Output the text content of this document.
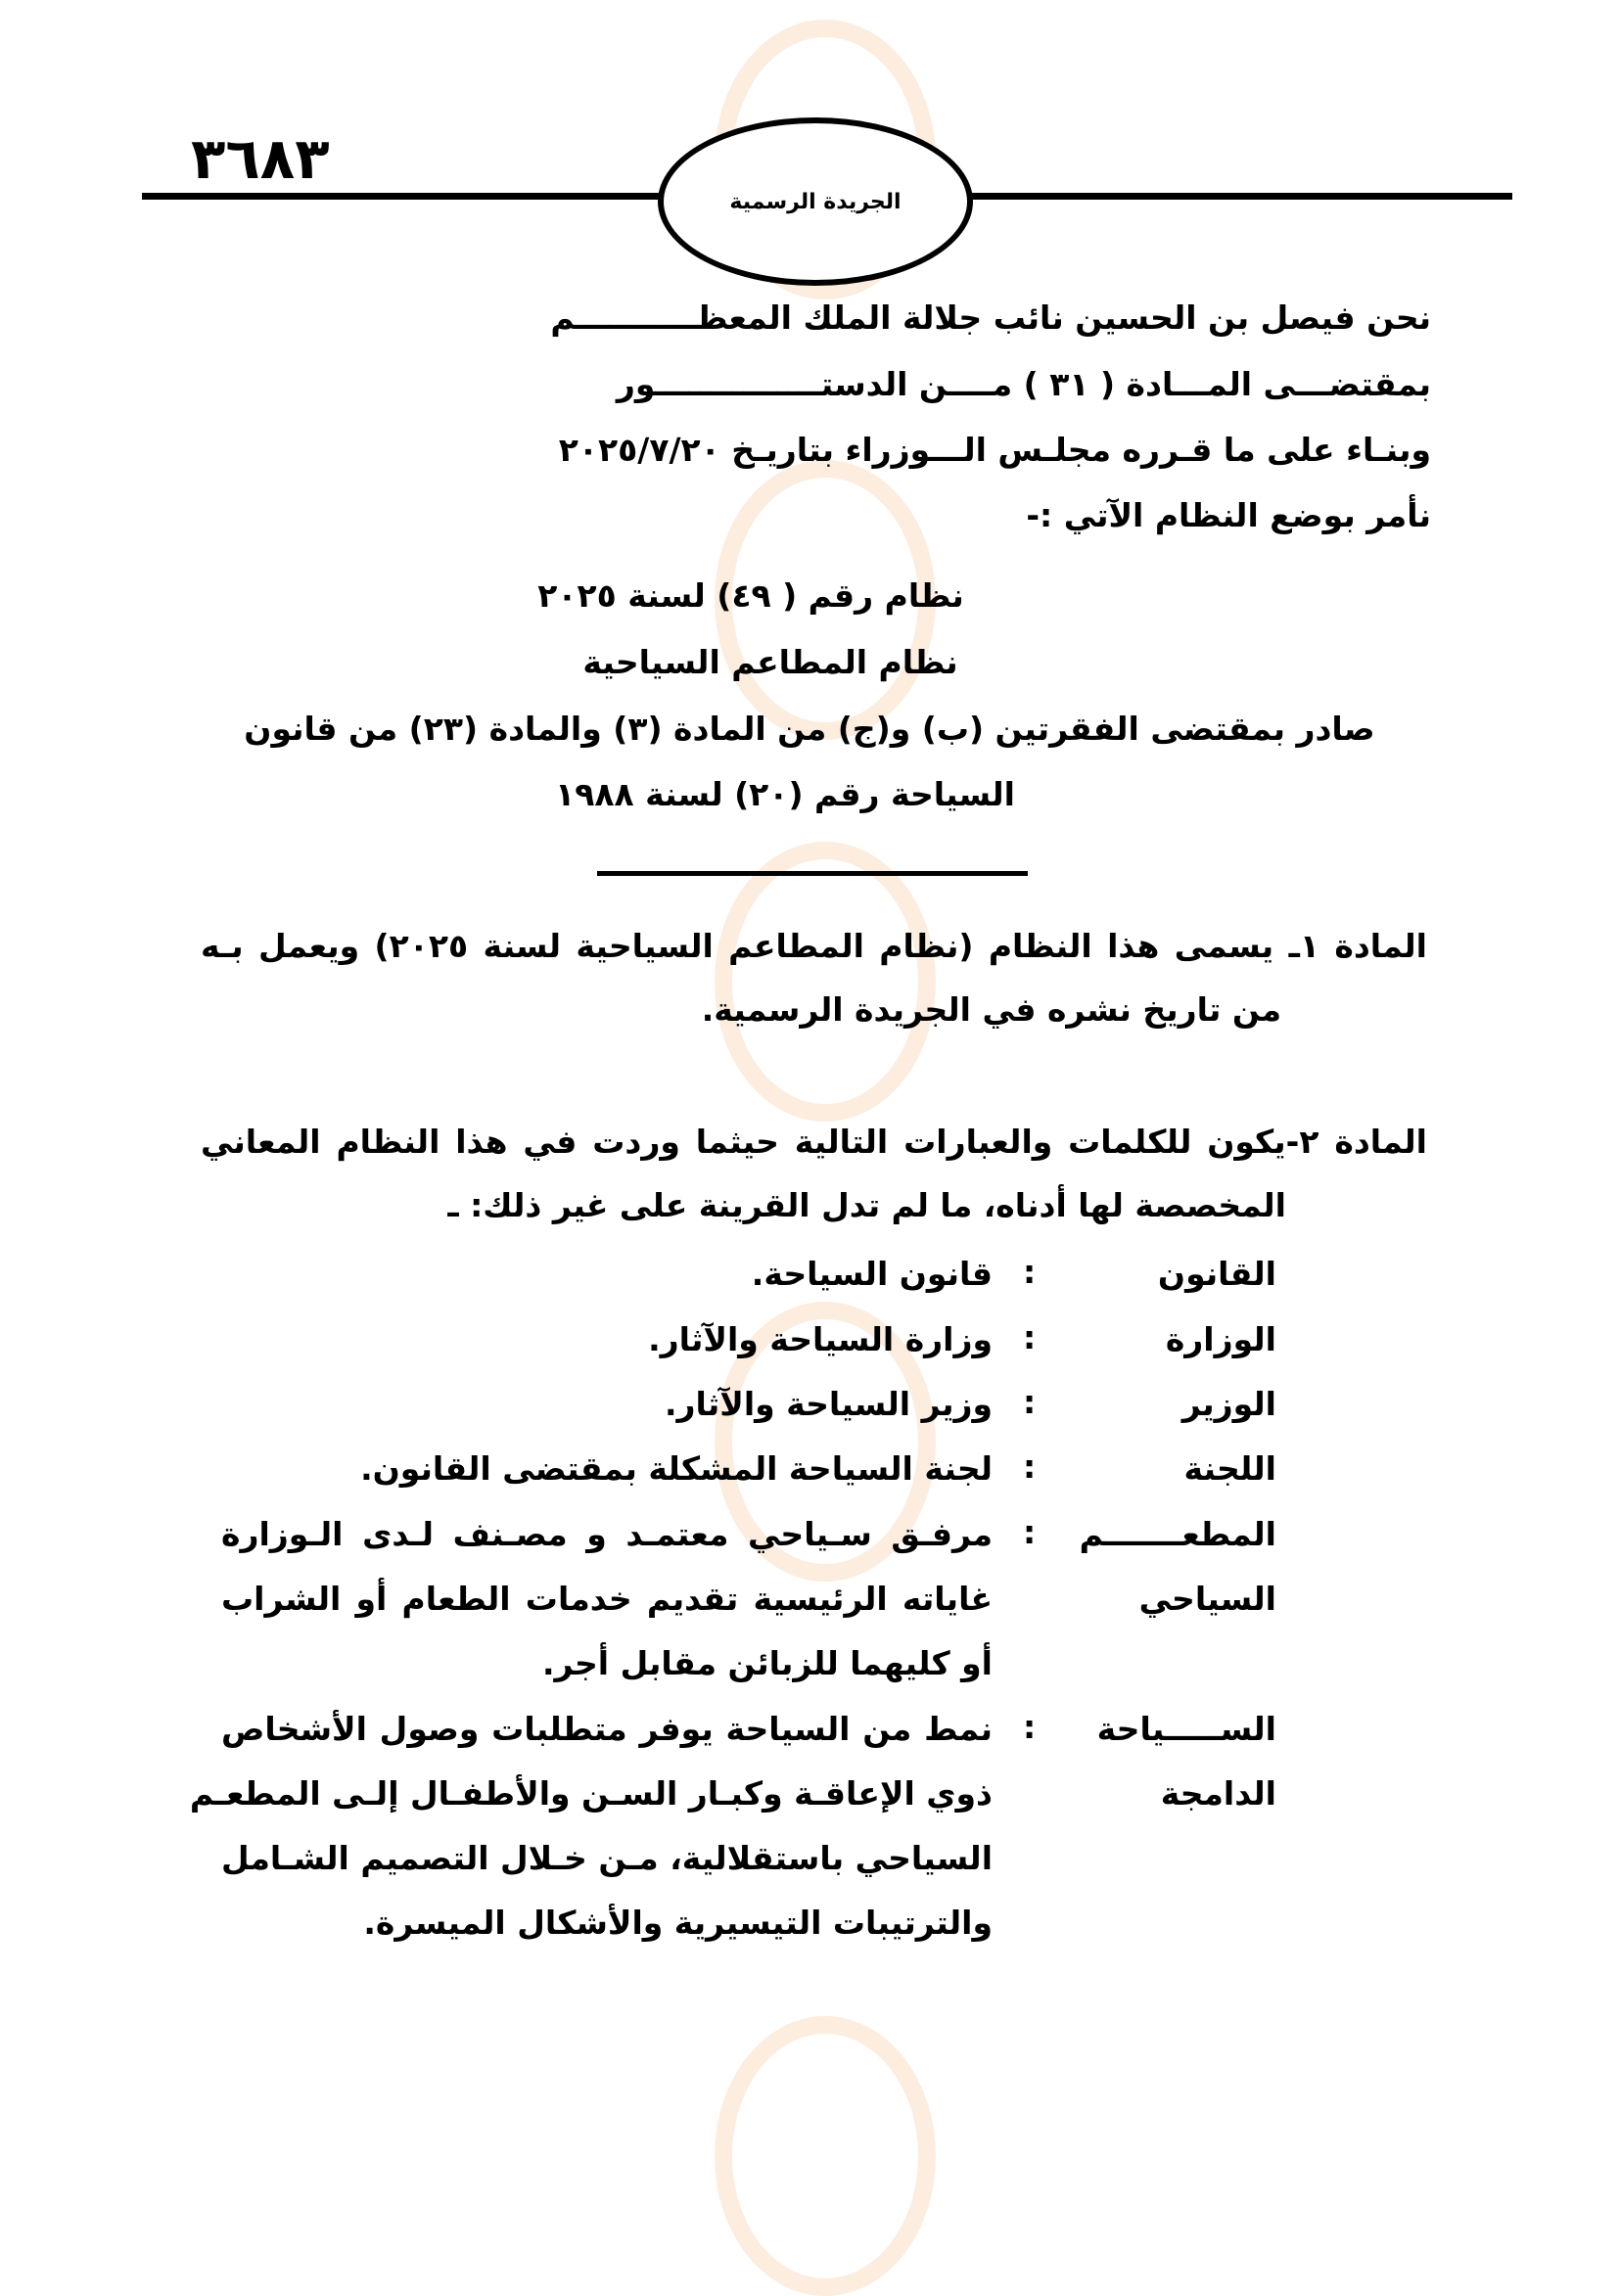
٣٦٨٣
الجريدة الرسمية
نحن فيصل بن الحسين نائب جلالة الملك المعظـــــــــــم
بمقتضـــى المـــادة ( ٣١ ) مــــن الدستـــــــــــــــور
وبنـاء على ما قـرره مجلـس الـــوزراء بتاريـخ ٢٠٢٥/٧/٢٠
نأمر بوضع النظام الآتي :-
نظام رقم ( ٤٩) لسنة ٢٠٢٥
نظام المطاعم السياحية
صادر بمقتضى الفقرتين (ب) و(ج) من المادة (٣) والمادة (٢٣) من قانون
السياحة رقم (٢٠) لسنة ١٩٨٨
المادة ١ـ يسمى هذا النظام (نظام المطاعم السياحية لسنة ٢٠٢٥) ويعمل بـه
من تاريخ نشره في الجريدة الرسمية.
المادة ٢-يكون للكلمات والعبارات التالية حيثما وردت في هذا النظام المعاني
المخصصة لها أدناه، ما لم تدل القرينة على غير ذلك: ـ
القانون
:
قانون السياحة.
الوزارة
:
وزارة السياحة والآثار.
الوزير
:
وزير السياحة والآثار.
اللجنة
:
لجنة السياحة المشكلة بمقتضى القانون.
المطعـــــــم
السياحي
:
مرفـق سـياحي معتمـد و مصـنف لـدى الـوزارة
غاياته الرئيسية تقديم خدمات الطعام أو الشراب
أو كليهما للزبائن مقابل أجر.
الســـــياحة
الدامجة
:
نمط من السياحة يوفر متطلبات وصول الأشخاص
ذوي الإعاقـة وكبـار السـن والأطفـال إلـى المطعـم
السياحي باستقلالية، مـن خـلال التصميم الشـامل
والترتيبات التيسيرية والأشكال الميسرة.
